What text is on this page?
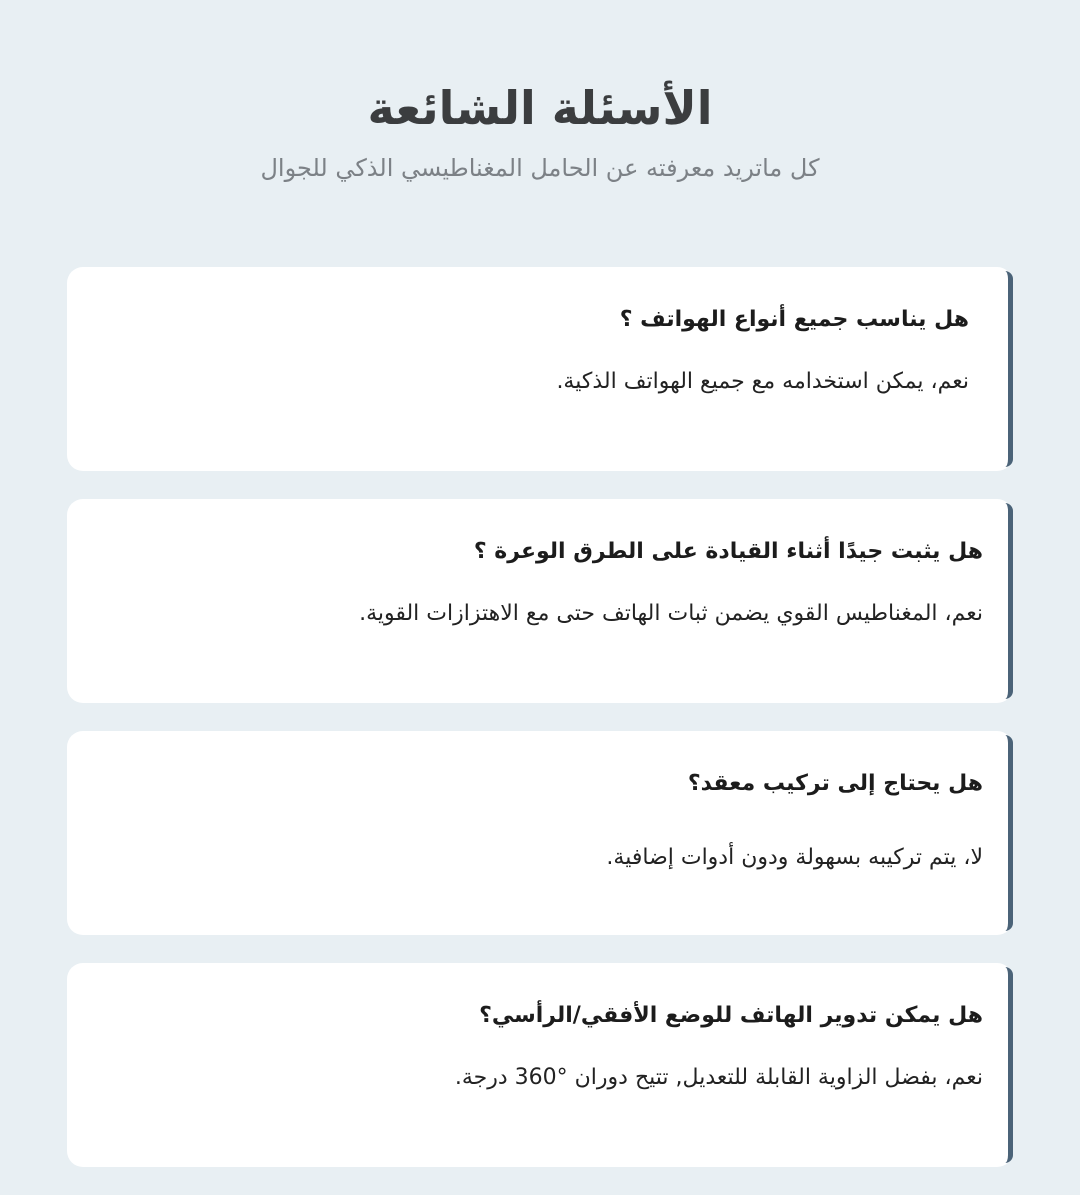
الأسئلة الشائعة

كل ماتريد معرفته عن الحامل المغناطيسي الذكي للجوال

هل يناسب جميع أنواع الهواتف ؟

نعم، يمكن استخدامه مع جميع الهواتف الذكية.

هل يثبت جيدًا أثناء القيادة على الطرق الوعرة ؟

نعم، المغناطيس القوي يضمن ثبات الهاتف حتى مع الاهتزازات القوية.

هل يحتاج إلى تركيب معقد؟

لا، يتم تركيبه بسهولة ودون أدوات إضافية.

هل يمكن تدوير الهاتف للوضع الأفقي/الرأسي؟

نعم، بفضل الزاوية القابلة للتعديل, تتيح دوران °360 درجة.
